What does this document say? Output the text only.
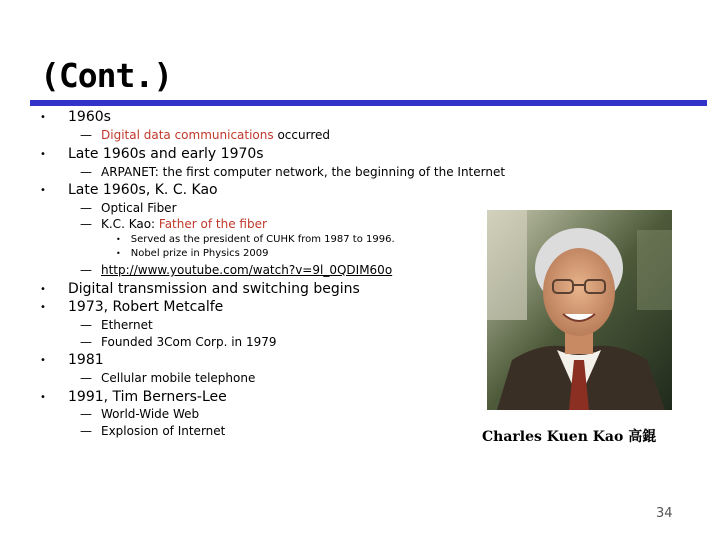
(Cont.)
• 1960s
— Digital data communications occurred
• Late 1960s and early 1970s
— ARPANET: the first computer network, the beginning of the Internet
• Late 1960s, K. C. Kao
— Optical Fiber
— K.C. Kao: Father of the fiber
• Served as the president of CUHK from 1987 to 1996.
• Nobel prize in Physics 2009
— http://www.youtube.com/watch?v=9l_0QDIM60o
• Digital transmission and switching begins
• 1973, Robert Metcalfe
— Ethernet
— Founded 3Com Corp. in 1979
• 1981
— Cellular mobile telephone
• 1991, Tim Berners-Lee
— World-Wide Web
— Explosion of Internet	Charles Kuen Kao 高錕
34
